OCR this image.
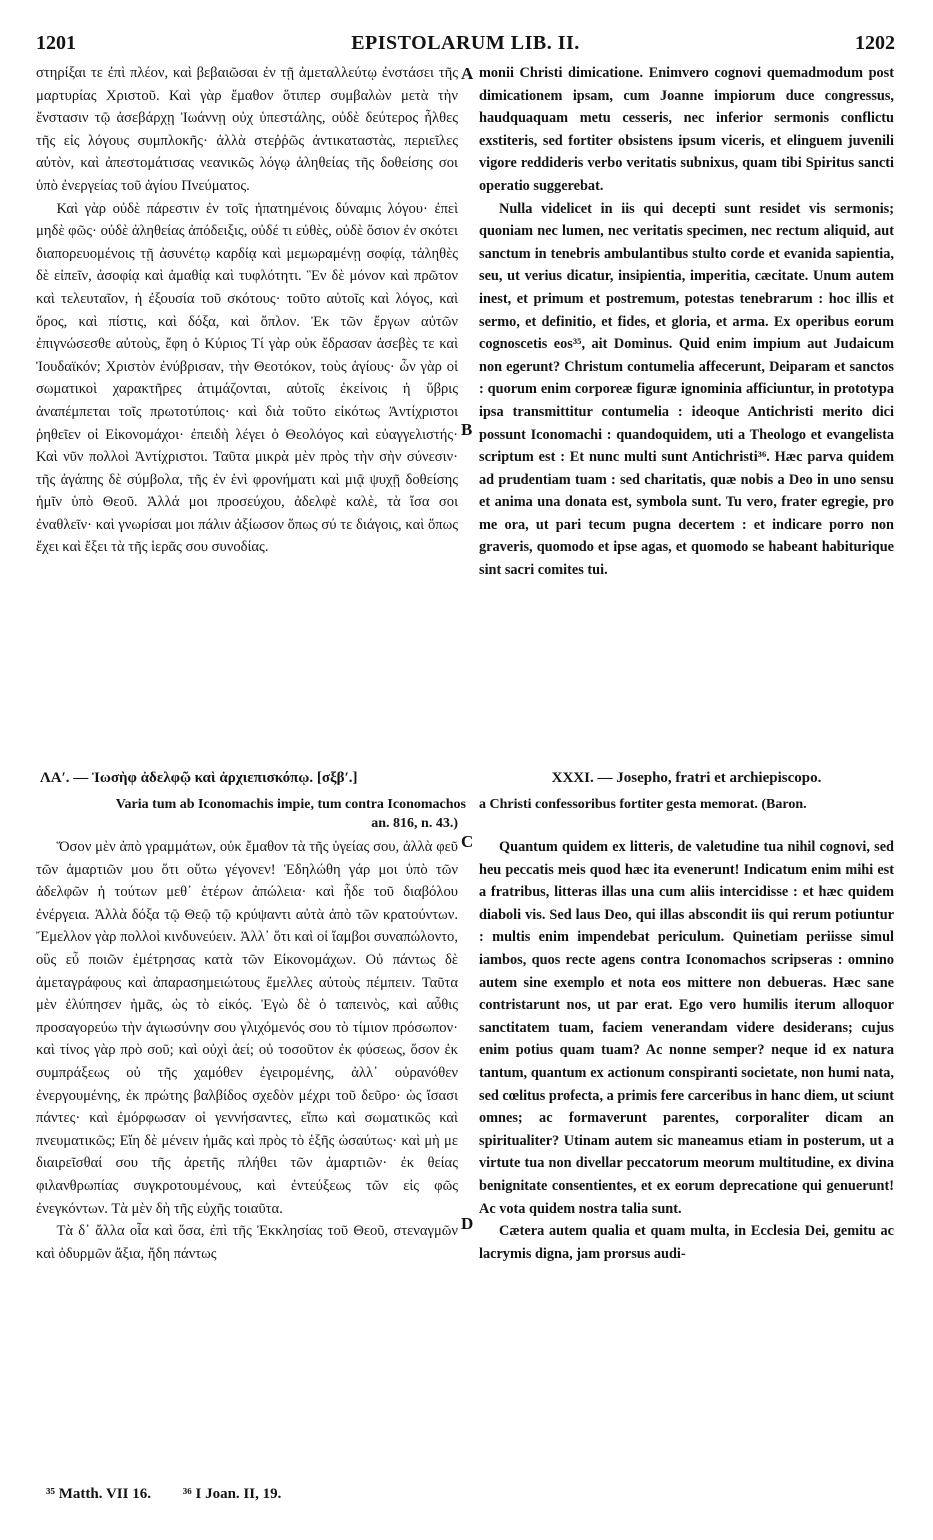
1201	EPISTOLARUM LIB. II.	1202

στηρίξαι τε ἐπὶ πλέον, καὶ βεβαιῶσαι ἐν τῇ ἀμεταλλεύτῳ ἐνστάσει τῆς μαρτυρίας Χριστοῦ. Καὶ γὰρ ἔμαθον ὅτιπερ συμβαλὼν μετὰ τὴν ἔνστασιν τῷ ἀσεβάρχῃ Ἰωάννῃ οὐχ ὑπεστάλης, οὐδὲ δεύτερος ἦλθες τῆς εἰς λόγους συμπλοκῆς· ἀλλὰ στεῤῥῶς ἀντικαταστὰς, περιεῖλες αὐτὸν, καὶ ἀπεστομάτισας νεανικῶς λόγῳ ἀληθείας τῆς δοθείσης σοι ὑπὸ ἐνεργείας τοῦ ἁγίου Πνεύματος.

Καὶ γὰρ οὐδὲ πάρεστιν ἐν τοῖς ἠπατημένοις δύναμις λόγου· ἐπεὶ μηδὲ φῶς· οὐδὲ ἀληθείας ἀπόδειξις, οὐδέ τι εὐθὲς, οὐδὲ ὅσιον ἐν σκότει διαπορευομένοις τῇ ἀσυνέτῳ καρδίᾳ καὶ μεμωραμένῃ σοφίᾳ, τἀληθὲς δὲ εἰπεῖν, ἀσοφίᾳ καὶ ἀμαθίᾳ καὶ τυφλότητι. Ἓν δὲ μόνον καὶ πρῶτον καὶ τελευταῖον, ἡ ἐξουσία τοῦ σκότους· τοῦτο αὐτοῖς καὶ λόγος, καὶ ὅρος, καὶ πίστις, καὶ δόξα, καὶ ὅπλον. Ἐκ τῶν ἔργων αὐτῶν ἐπιγνώσεσθε αὐτοὺς, ἔφη ὁ Κύριος Τί γὰρ οὐκ ἔδρασαν ἀσεβὲς τε καὶ Ἰουδαϊκόν; Χριστὸν ἐνύβρισαν, τὴν Θεοτόκον, τοὺς ἁγίους· ὧν γὰρ οἱ σωματικοὶ χαρακτῆρες ἀτιμάζονται, αὐτοῖς ἐκείνοις ἡ ὕβρις ἀναπέμπεται τοῖς πρωτοτύποις· καὶ διὰ τοῦτο εἰκότως Ἀντίχριστοι ῥηθεῖεν οἱ Εἰκονομάχοι· ἐπειδὴ λέγει ὁ Θεολόγος καὶ εὐαγγελιστής· Καὶ νῦν πολλοὶ Ἀντίχριστοι. Ταῦτα μικρὰ μὲν πρὸς τὴν σὴν σύνεσιν· τῆς ἀγάπης δὲ σύμβολα, τῆς ἐν ἑνὶ φρονήματι καὶ μιᾷ ψυχῇ δοθείσης ἡμῖν ὑπὸ Θεοῦ. Ἀλλά μοι προσεύχου, ἀδελφὲ καλὲ, τὰ ἴσα σοι ἐναθλεῖν· καὶ γνωρίσαι μοι πάλιν ἀξίωσον ὅπως σύ τε διάγοις, καὶ ὅπως ἔχει καὶ ἔξει τὰ τῆς ἱερᾶς σου συνοδίας.

monii Christi dimicatione. Enimvero cognovi quemadmodum post dimicationem ipsam, cum Joanne impiorum duce congressus, haudquaquam metu cesseris, nec inferior sermonis conflictu exstiteris, sed fortiter obsistens ipsum viceris, et elinguem juvenili vigore reddideris verbo veritatis subnixus, quam tibi Spiritus sancti operatio suggerebat.

Nulla videlicet in iis qui decepti sunt residet vis sermonis; quoniam nec lumen, nec veritatis specimen, nec rectum aliquid, aut sanctum in tenebris ambulantibus stulto corde et evanida sapientia, seu, ut verius dicatur, insipientia, imperitia, cæcitate. Unum autem inest, et primum et postremum, potestas tenebrarum : hoc illis et sermo, et definitio, et fides, et gloria, et arma. Ex operibus eorum cognoscetis eos³⁵, ait Dominus. Quid enim impium aut Judaicum non egerunt? Christum contumelia affecerunt, Deiparam et sanctos : quorum enim corporeæ figuræ ignominia afficiuntur, in prototypa ipsa transmittitur contumelia : ideoque Antichristi merito dici possunt Iconomachi : quandoquidem, uti a Theologo et evangelista scriptum est : Et nunc multi sunt Antichristi³⁶. Hæc parva quidem ad prudentiam tuam : sed charitatis, quæ nobis a Deo in uno sensu et anima una donata est, symbola sunt. Tu vero, frater egregie, pro me ora, ut pari tecum pugna decertem : et indicare porro non graveris, quomodo et ipse agas, et quomodo se habeant habiturique sint sacri comites tui.

A
B
ΛΑʹ. — Ἰωσὴφ ἀδελφῷ καὶ ἀρχιεπισκόπῳ. [σξβʹ.]	XXXI. — Josepho, fratri et archiepiscopo.
Varia tum ab Iconomachis impie, tum contra Iconomachos a Christi confessoribus fortiter gesta memorat. (Baron.
an. 816, n. 43.)
C
D

Ὅσον μὲν ἀπὸ γραμμάτων, οὐκ ἔμαθον τὰ τῆς ὑγείας σου, ἀλλὰ φεῦ τῶν ἁμαρτιῶν μου ὅτι οὕτω γέγονεν! Ἐδηλώθη γάρ μοι ὑπὸ τῶν ἀδελφῶν ἡ τούτων μεθ᾽ ἑτέρων ἀπώλεια· καὶ ἧδε τοῦ διαβόλου ἐνέργεια. Ἀλλὰ δόξα τῷ Θεῷ τῷ κρύψαντι αὐτὰ ἀπὸ τῶν κρατούντων. Ἔμελλον γὰρ πολλοὶ κινδυνεύειν. Ἀλλ᾽ ὅτι καὶ οἱ ἴαμβοι συναπώλοντο, οὓς εὖ ποιῶν ἐμέτρησας κατὰ τῶν Εἰκονομάχων. Οὐ πάντως δὲ ἀμεταγράφους καὶ ἀπαρασημειώτους ἔμελλες αὐτοὺς πέμπειν. Ταῦτα μὲν ἐλύπησεν ἡμᾶς, ὡς τὸ εἰκός. Ἐγὼ δὲ ὁ ταπεινὸς, καὶ αὖθις προσαγορεύω τὴν ἁγιωσύνην σου γλιχόμενός σου τὸ τίμιον πρόσωπον· καὶ τίνος γὰρ πρὸ σοῦ; καὶ οὐχὶ ἀεί; οὐ τοσοῦτον ἐκ φύσεως, ὅσον ἐκ συμπράξεως οὐ τῆς χαμόθεν ἐγειρομένης, ἀλλ᾽ οὐρανόθεν ἐνεργουμένης, ἐκ πρώτης βαλβίδος σχεδὸν μέχρι τοῦ δεῦρο· ὡς ἴσασι πάντες· καὶ ἐμόρφωσαν οἱ γεννήσαντες, εἴπω καὶ σωματικῶς καὶ πνευματικῶς; Εἴη δὲ μένειν ἡμᾶς καὶ πρὸς τὸ ἑξῆς ὡσαύτως· καὶ μὴ με διαιρεῖσθαί σου τῆς ἀρετῆς πλήθει τῶν ἁμαρτιῶν· ἐκ θείας φιλανθρωπίας συγκροτουμένους, καὶ ἐντεύξεως τῶν εἰς φῶς ἐνεγκόντων. Τὰ μὲν δὴ τῆς εὐχῆς τοιαῦτα.

Τὰ δ᾽ ἄλλα οἷα καὶ ὅσα, ἐπὶ τῆς Ἐκκλησίας τοῦ Θεοῦ, στεναγμῶν καὶ ὀδυρμῶν ἄξια, ἤδη πάντως

Quantum quidem ex litteris, de valetudine tua nihil cognovi, sed heu peccatis meis quod hæc ita evenerunt! Indicatum enim mihi est a fratribus, litteras illas una cum aliis intercidisse : et hæc quidem diaboli vis. Sed laus Deo, qui illas abscondit iis qui rerum potiuntur : multis enim impendebat periculum. Quinetiam periisse simul iambos, quos recte agens contra Iconomachos scripseras : omnino autem sine exemplo et nota eos mittere non debueras. Hæc sane contristarunt nos, ut par erat. Ego vero humilis iterum alloquor sanctitatem tuam, faciem venerandam videre desiderans; cujus enim potius quam tuam? Ac nonne semper? neque id ex natura tantum, quantum ex actionum conspiranti societate, non humi nata, sed cœlitus profecta, a primis fere carceribus in hanc diem, ut sciunt omnes; ac formaverunt parentes, corporaliter dicam an spiritualiter? Utinam autem sic maneamus etiam in posterum, ut a virtute tua non divellar peccatorum meorum multitudine, ex divina benignitate consentientes, et ex eorum deprecatione qui genuerunt! Ac vota quidem nostra talia sunt.

Cætera autem qualia et quam multa, in Ecclesia Dei, gemitu ac lacrymis digna, jam prorsus audi-

³⁵ Matth. VII 16. ³⁶ I Joan. II, 19.
